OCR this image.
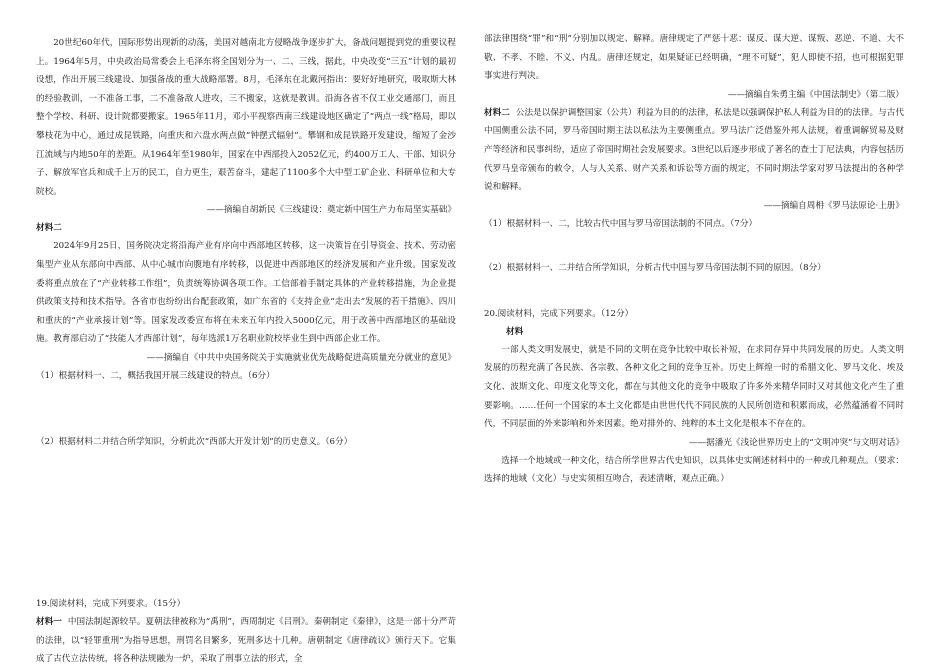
20世纪60年代，国际形势出现新的动荡，美国对越南北方侵略战争逐步扩大，备战问题提到党的重要议程上。1964年5月，中央政治局常委会上毛泽东将全国划分为一、二、三线，据此，中央改变“三五”计划的最初设想，作出开展三线建设、加强备战的重大战略部署。8月，毛泽东在北戴河指出：要好好地研究，吸取斯大林的经验教训，一不准备工事，二不准备敌人进攻，三不搬家，这就是教训。沿海各省不仅工业交通部门，而且整个学校、科研、设计院都要搬家。1965年11月，邓小平视察西南三线建设地区确定了“两点一线”格局，即以攀枝花为中心，通过成昆铁路，向重庆和六盘水两点做“钟摆式辐射”。攀钢和成昆铁路开发建设，缩短了金沙江流域与内地50年的差距。从1964年至1980年，国家在中西部投入2052亿元，约400万工人、干部、知识分子、解放军官兵和成千上万的民工，自力更生，艰苦奋斗，建起了1100多个大中型工矿企业、科研单位和大专院校。

——摘编自胡新民《三线建设：奠定新中国生产力布局坚实基础》

材料二

2024年9月25日，国务院决定将沿海产业有序向中西部地区转移，这一决策旨在引导资金、技术、劳动密集型产业从东部向中西部、从中心城市向腹地有序转移，以促进中西部地区的经济发展和产业升级。国家发改委将重点放在了“产业转移工作组”，负责统筹协调各项工作。工信部着手制定具体的产业转移措施，为企业提供政策支持和技术指导。各省市也纷纷出台配套政策，如广东省的《支持企业“走出去”发展的若干措施》、四川和重庆的“产业承接计划”等。国家发改委宣布将在未来五年内投入5000亿元，用于改善中西部地区的基础设施。教育部启动了“技能人才西部计划”，每年选派1万名职业院校毕业生到中西部企业工作。

——摘编自《中共中央国务院关于实施就业优先战略促进高质量充分就业的意见》

（1）根据材料一、二，概括我国开展三线建设的特点。（6分）

（2）根据材料二并结合所学知识，分析此次“西部大开发计划”的历史意义。（6分）

19.阅读材料，完成下列要求。（15分）

材料一 中国法制起源较早。夏朝法律被称为“禹刑”，西周制定《吕刑》。秦朝制定《秦律》，这是一部十分严苛的法律，以“轻罪重刑”为指导思想，刑罚名目繁多，死刑多达十几种。唐朝制定《唐律疏议》颁行天下。它集成了古代立法传统，将各种法规融为一炉，采取了刑事立法的形式，全

部法律围绕“罪”和“刑”分别加以规定、解释。唐律规定了严惩十恶：谋反、谋大逆、谋叛、恶逆、不道、大不敬、不孝、不睦、不义、内乱。唐律还规定，如果疑证已经明确，“理不可疑”，犯人即使不招，也可根据犯罪事实进行判决。

——摘编自朱勇主编《中国法制史》（第二版）

材料二 公法是以保护调整国家（公共）利益为目的的法律，私法是以强调保护私人利益为目的的法律。与古代中国侧重公法不同，罗马帝国时期主法以私法为主要侧重点。罗马法广泛借鉴外邦人法规，着重调解贸易及财产等经济和民事纠纷，适应了帝国时期社会发展要求。3世纪以后逐步形成了著名的查士丁尼法典，内容包括历代罗马皇帝颁布的敕令，人与人关系、财产关系和诉讼等方面的规定，不同时期法学家对罗马法提出的各种学说和解释。

——摘编自周枏《罗马法原论·上册》

（1）根据材料一、二，比较古代中国与罗马帝国法制的不同点。（7分）

（2）根据材料一、二并结合所学知识，分析古代中国与罗马帝国法制不同的原因。（8分）

20.阅读材料，完成下列要求。（12分）

材料

一部人类文明发展史，就是不同的文明在竞争比较中取长补短，在求同存异中共同发展的历史。人类文明发展的历程充满了各民族、各宗教、各种文化之间的竞争互补。历史上辉煌一时的希腊文化、罗马文化、埃及文化、波斯文化、印度文化等文化，都在与其他文化的竞争中吸取了许多外来精华同时又对其他文化产生了重要影响。……任何一个国家的本土文化都是由世世代代不同民族的人民所创造和积累而成，必然蕴涵着不同时代，不同层面的外来影响和外来因素。绝对排外的、纯粹的本土文化是根本不存在的。

——据潘光《浅论世界历史上的“文明冲突”与文明对话》

选择一个地域或一种文化，结合所学世界古代史知识，以具体史实阐述材料中的一种或几种观点。（要求：选择的地域（文化）与史实须相互吻合，表述清晰，观点正确。）
